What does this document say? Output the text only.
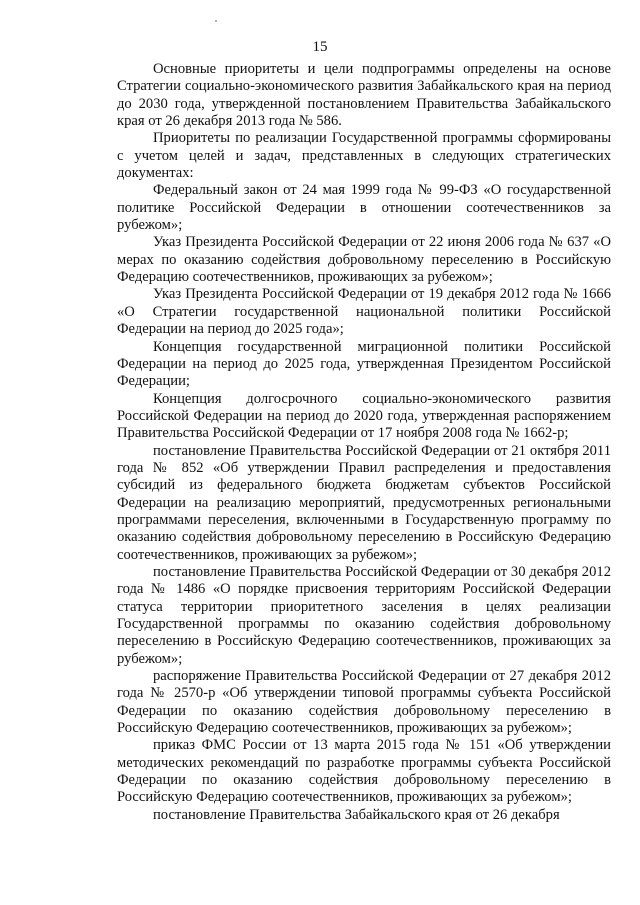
15

Основные приоритеты и цели подпрограммы определены на основе Стратегии социально-экономического развития Забайкальского края на период до 2030 года, утвержденной постановлением Правительства Забайкальского края от 26 декабря 2013 года № 586.

Приоритеты по реализации Государственной программы сформированы с учетом целей и задач, представленных в следующих стратегических документах:

Федеральный закон от 24 мая 1999 года № 99-ФЗ «О государственной политике Российской Федерации в отношении соотечественников за рубежом»;

Указ Президента Российской Федерации от 22 июня 2006 года № 637 «О мерах по оказанию содействия добровольному переселению в Российскую Федерацию соотечественников, проживающих за рубежом»;

Указ Президента Российской Федерации от 19 декабря 2012 года № 1666 «О Стратегии государственной национальной политики Российской Федерации на период до 2025 года»;

Концепция государственной миграционной политики Российской Федерации на период до 2025 года, утвержденная Президентом Российской Федерации;

Концепция долгосрочного социально-экономического развития Российской Федерации на период до 2020 года, утвержденная распоряжением Правительства Российской Федерации от 17 ноября 2008 года № 1662-р;

постановление Правительства Российской Федерации от 21 октября 2011 года № 852 «Об утверждении Правил распределения и предоставления субсидий из федерального бюджета бюджетам субъектов Российской Федерации на реализацию мероприятий, предусмотренных региональными программами переселения, включенными в Государственную программу по оказанию содействия добровольному переселению в Российскую Федерацию соотечественников, проживающих за рубежом»;

постановление Правительства Российской Федерации от 30 декабря 2012 года № 1486 «О порядке присвоения территориям Российской Федерации статуса территории приоритетного заселения в целях реализации Государственной программы по оказанию содействия добровольному переселению в Российскую Федерацию соотечественников, проживающих за рубежом»;

распоряжение Правительства Российской Федерации от 27 декабря 2012 года № 2570-р «Об утверждении типовой программы субъекта Российской Федерации по оказанию содействия добровольному переселению в Российскую Федерацию соотечественников, проживающих за рубежом»;

приказ ФМС России от 13 марта 2015 года № 151 «Об утверждении методических рекомендаций по разработке программы субъекта Российской Федерации по оказанию содействия добровольному переселению в Российскую Федерацию соотечественников, проживающих за рубежом»;

постановление Правительства Забайкальского края от 26 декабря
